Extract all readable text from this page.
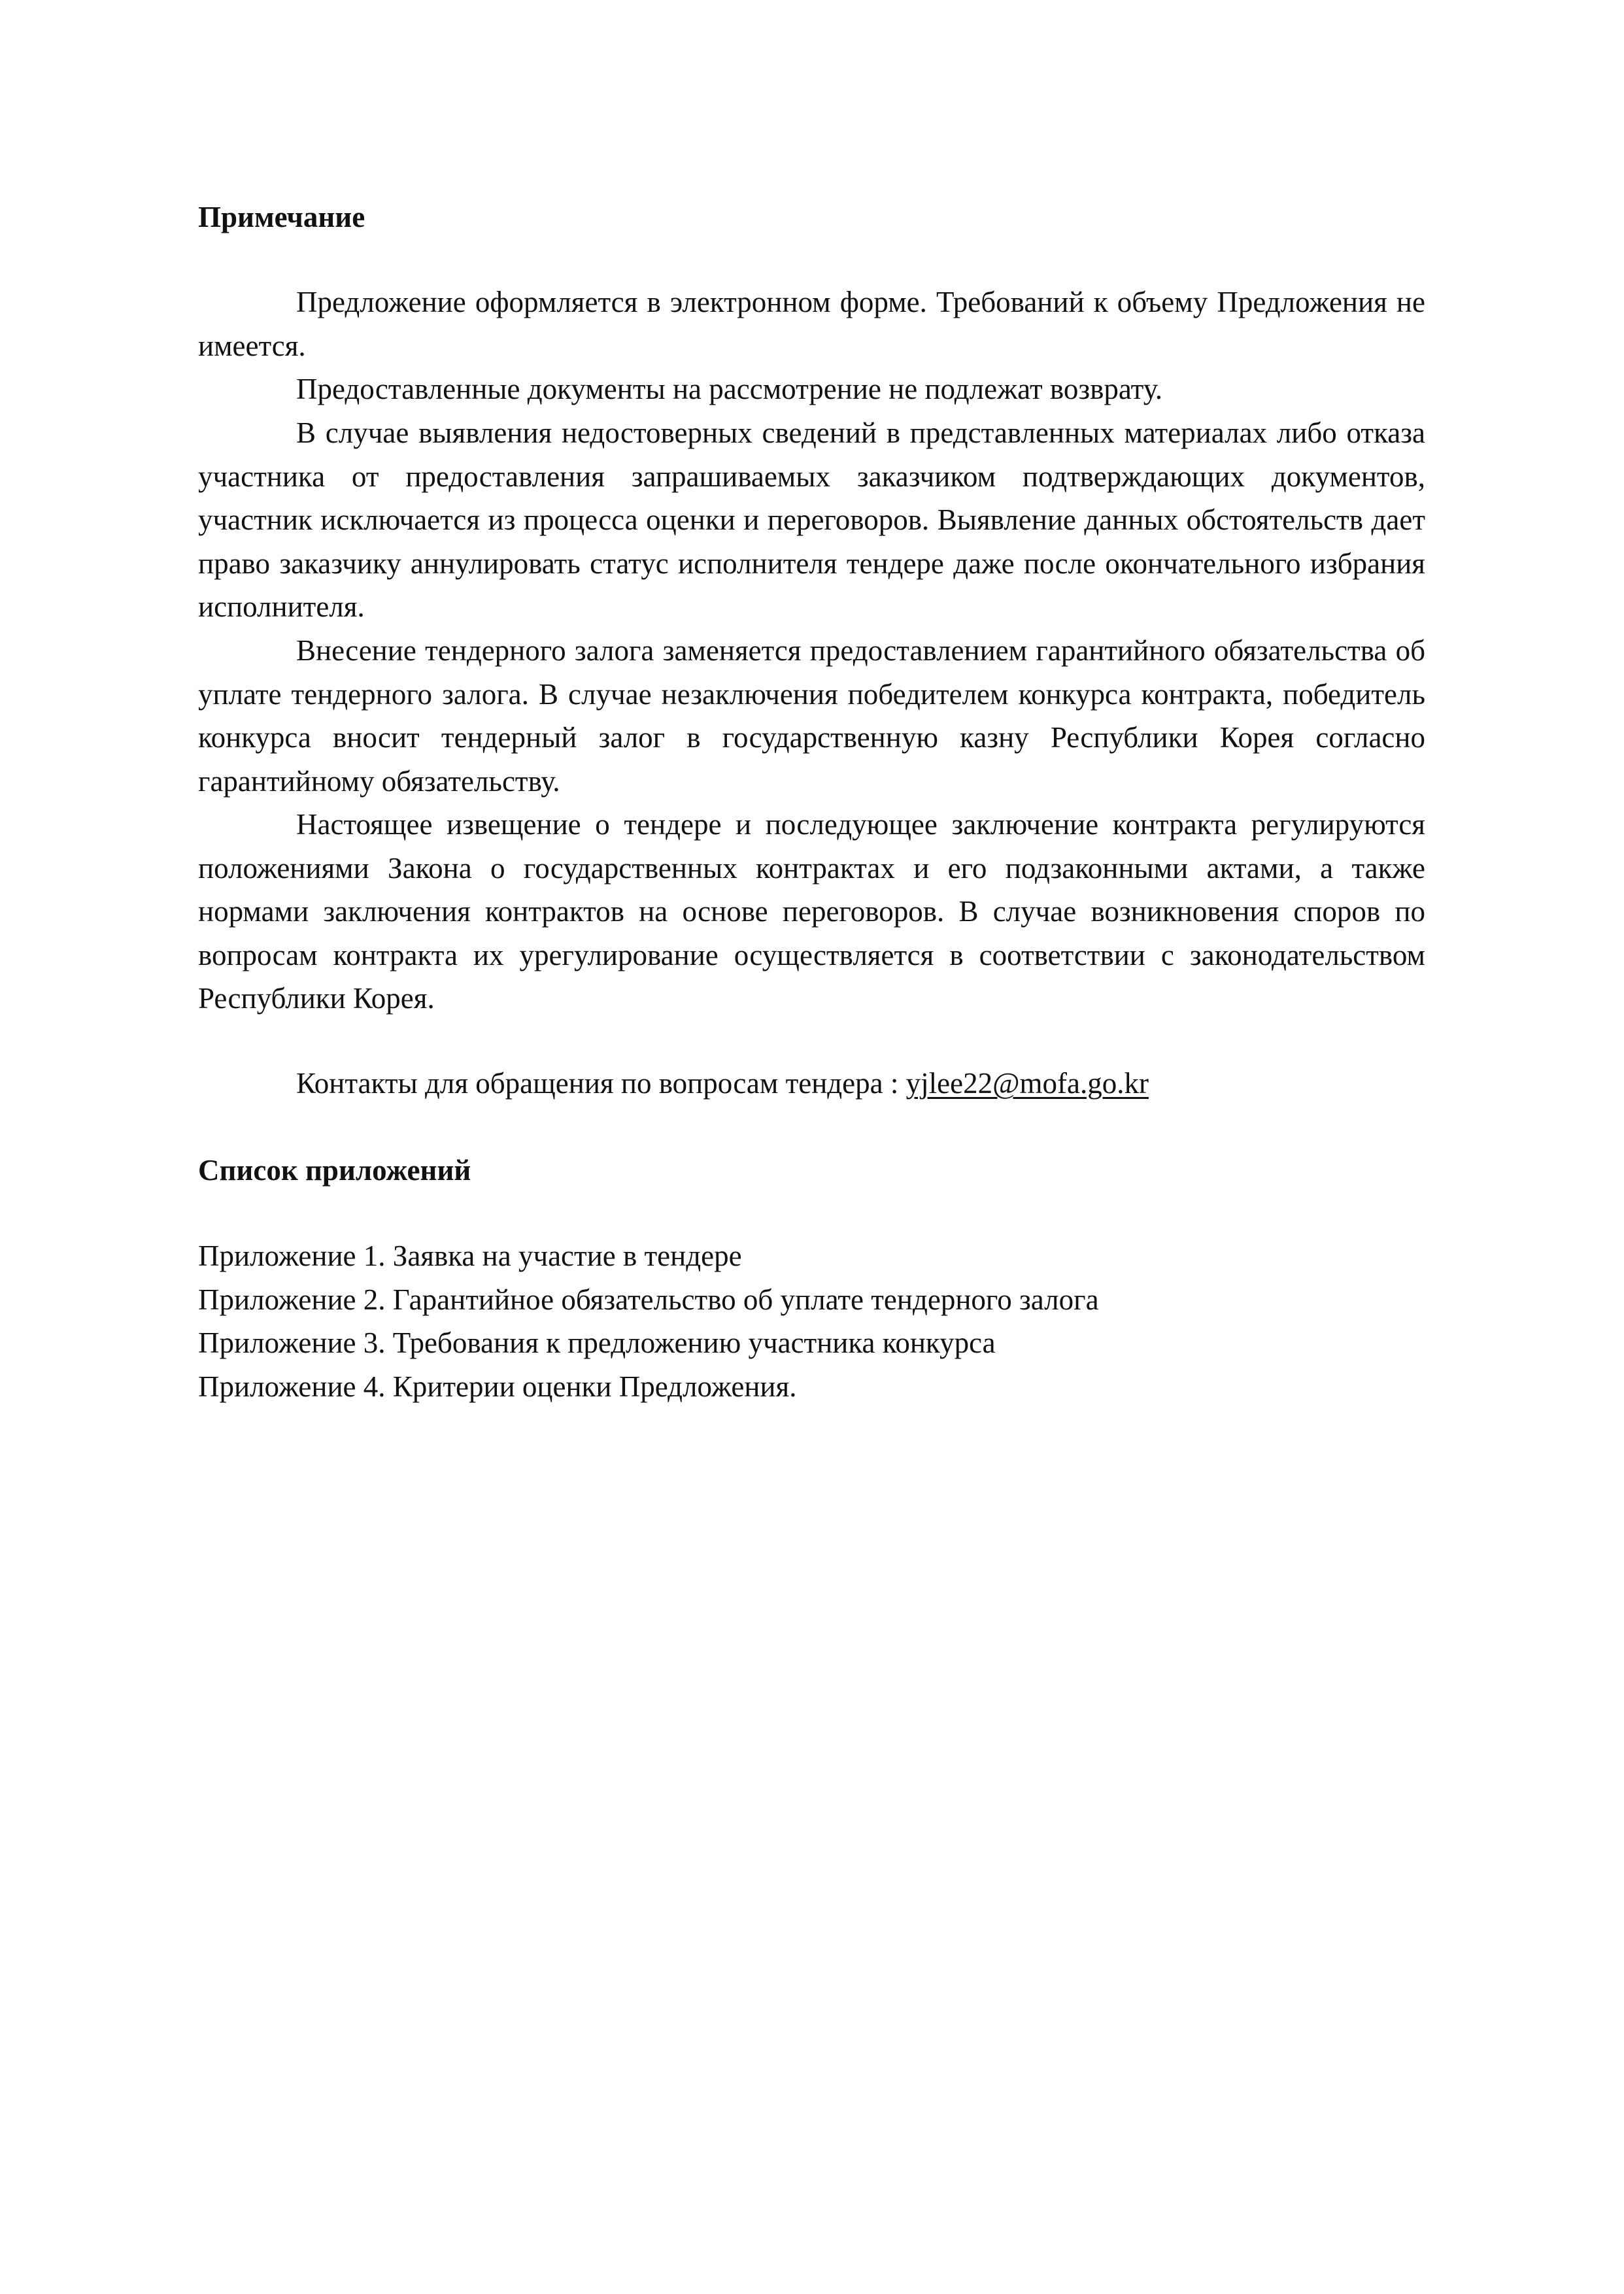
Примечание

Предложение оформляется в электронном форме. Требований к объему Предложения не имеется.

Предоставленные документы на рассмотрение не подлежат возврату.

В случае выявления недостоверных сведений в представленных материалах либо отказа участника от предоставления запрашиваемых заказчиком подтверждающих документов, участник исключается из процесса оценки и переговоров. Выявление данных обстоятельств дает право заказчику аннулировать статус исполнителя тендере даже после окончательного избрания исполнителя.

Внесение тендерного залога заменяется предоставлением гарантийного обязательства об уплате тендерного залога. В случае незаключения победителем конкурса контракта, победитель конкурса вносит тендерный залог в государственную казну Республики Корея согласно гарантийному обязательству.

Настоящее извещение о тендере и последующее заключение контракта регулируются положениями Закона о государственных контрактах и его подзаконными актами, а также нормами заключения контрактов на основе переговоров. В случае возникновения споров по вопросам контракта их урегулирование осуществляется в соответствии с законодательством Республики Корея.

Контакты для обращения по вопросам тендера : yjlee22@mofa.go.kr

Список приложений
Приложение 1. Заявка на участие в тендере
Приложение 2. Гарантийное обязательство об уплате тендерного залога
Приложение 3. Требования к предложению участника конкурса
Приложение 4. Критерии оценки Предложения.
